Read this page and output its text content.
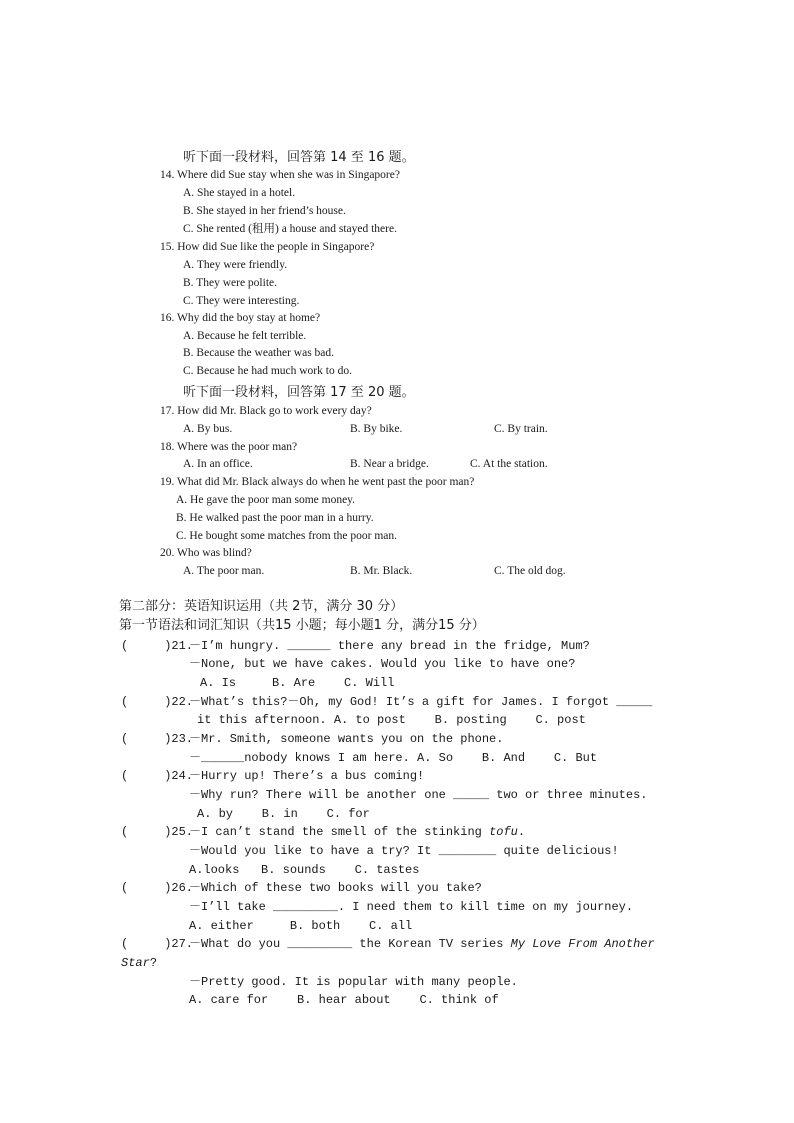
听下面一段材料，回答第 14 至 16 题。
14. Where did Sue stay when she was in Singapore?
A. She stayed in a hotel.
B. She stayed in her friend’s house.
C. She rented (租用) a house and stayed there.
15. How did Sue like the people in Singapore?
A. They were friendly.
B. They were polite.
C. They were interesting.
16. Why did the boy stay at home?
A. Because he felt terrible.
B. Because the weather was bad.
C. Because he had much work to do.
听下面一段材料，回答第 17 至 20 题。
17. How did Mr. Black go to work every day?
A. By bus.	B. By bike.	C. By train.
18. Where was the poor man?
A. In an office.	B. Near a bridge.	C. At the station.
19. What did Mr. Black always do when he went past the poor man?
A. He gave the poor man some money.
B. He walked past the poor man in a hurry.
C. He bought some matches from the poor man.
20. Who was blind?
A. The poor man.	B. Mr. Black.	C. The old dog.
第二部分：英语知识运用（共 2节，满分 30 分）
第一节语法和词汇知识（共15 小题；每小题1 分，满分15 分）
(     )21.
－I’m hungry. ______ there any bread in the fridge, Mum?
－None, but we have cakes. Would you like to have one?
A. Is     B. Are    C. Will
(     )22.
－What’s this?－Oh, my God! It’s a gift for James. I forgot _____
it this afternoon. A. to post    B. posting    C. post
(     )23.
－Mr. Smith, someone wants you on the phone.
－______nobody knows I am here. A. So    B. And    C. But
(     )24.
－Hurry up! There’s a bus coming!
－Why run? There will be another one _____ two or three minutes.
A. by    B. in    C. for
(     )25.
－I can’t stand the smell of the stinking tofu.
－Would you like to have a try? It ________ quite delicious!
A.looks   B. sounds    C. tastes
(     )26.
－Which of these two books will you take?
－I’ll take _________. I need them to kill time on my journey.
A. either     B. both    C. all
(     )27.
－What do you _________ the Korean TV series My Love From Another
Star?
－Pretty good. It is popular with many people.
A. care for    B. hear about    C. think of
